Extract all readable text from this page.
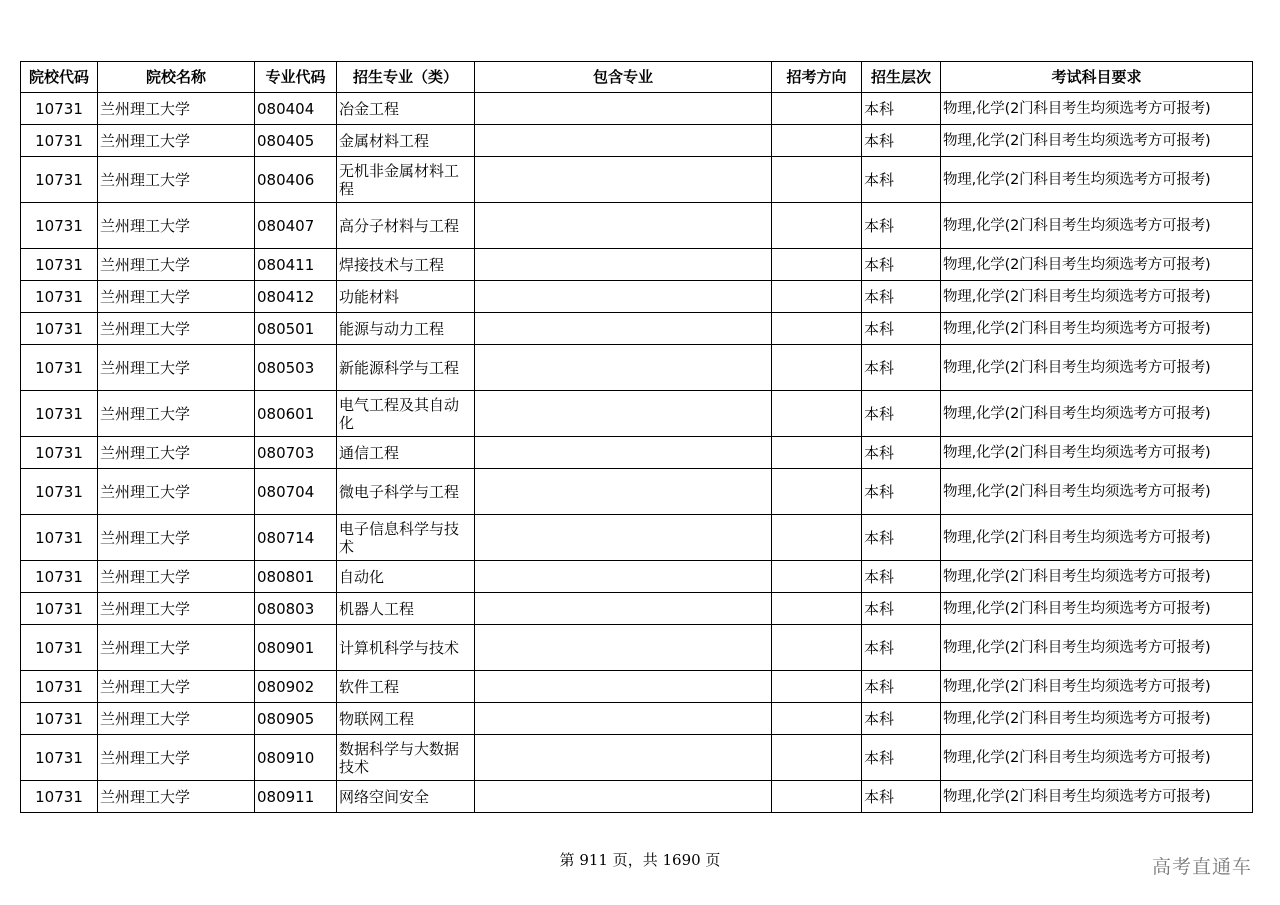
院校代码	院校名称	专业代码	招生专业（类）	包含专业	招考方向	招生层次	考试科目要求
10731	兰州理工大学	080404	冶金工程			本科	物理,化学(2门科目考生均须选考方可报考)
10731	兰州理工大学	080405	金属材料工程			本科	物理,化学(2门科目考生均须选考方可报考)
10731	兰州理工大学	080406	无机非金属材料工程			本科	物理,化学(2门科目考生均须选考方可报考)
10731	兰州理工大学	080407	高分子材料与工程			本科	物理,化学(2门科目考生均须选考方可报考)
10731	兰州理工大学	080411	焊接技术与工程			本科	物理,化学(2门科目考生均须选考方可报考)
10731	兰州理工大学	080412	功能材料			本科	物理,化学(2门科目考生均须选考方可报考)
10731	兰州理工大学	080501	能源与动力工程			本科	物理,化学(2门科目考生均须选考方可报考)
10731	兰州理工大学	080503	新能源科学与工程			本科	物理,化学(2门科目考生均须选考方可报考)
10731	兰州理工大学	080601	电气工程及其自动化			本科	物理,化学(2门科目考生均须选考方可报考)
10731	兰州理工大学	080703	通信工程			本科	物理,化学(2门科目考生均须选考方可报考)
10731	兰州理工大学	080704	微电子科学与工程			本科	物理,化学(2门科目考生均须选考方可报考)
10731	兰州理工大学	080714	电子信息科学与技术			本科	物理,化学(2门科目考生均须选考方可报考)
10731	兰州理工大学	080801	自动化			本科	物理,化学(2门科目考生均须选考方可报考)
10731	兰州理工大学	080803	机器人工程			本科	物理,化学(2门科目考生均须选考方可报考)
10731	兰州理工大学	080901	计算机科学与技术			本科	物理,化学(2门科目考生均须选考方可报考)
10731	兰州理工大学	080902	软件工程			本科	物理,化学(2门科目考生均须选考方可报考)
10731	兰州理工大学	080905	物联网工程			本科	物理,化学(2门科目考生均须选考方可报考)
10731	兰州理工大学	080910	数据科学与大数据技术			本科	物理,化学(2门科目考生均须选考方可报考)
10731	兰州理工大学	080911	网络空间安全			本科	物理,化学(2门科目考生均须选考方可报考)
第 911 页，共 1690 页	高考直通车
